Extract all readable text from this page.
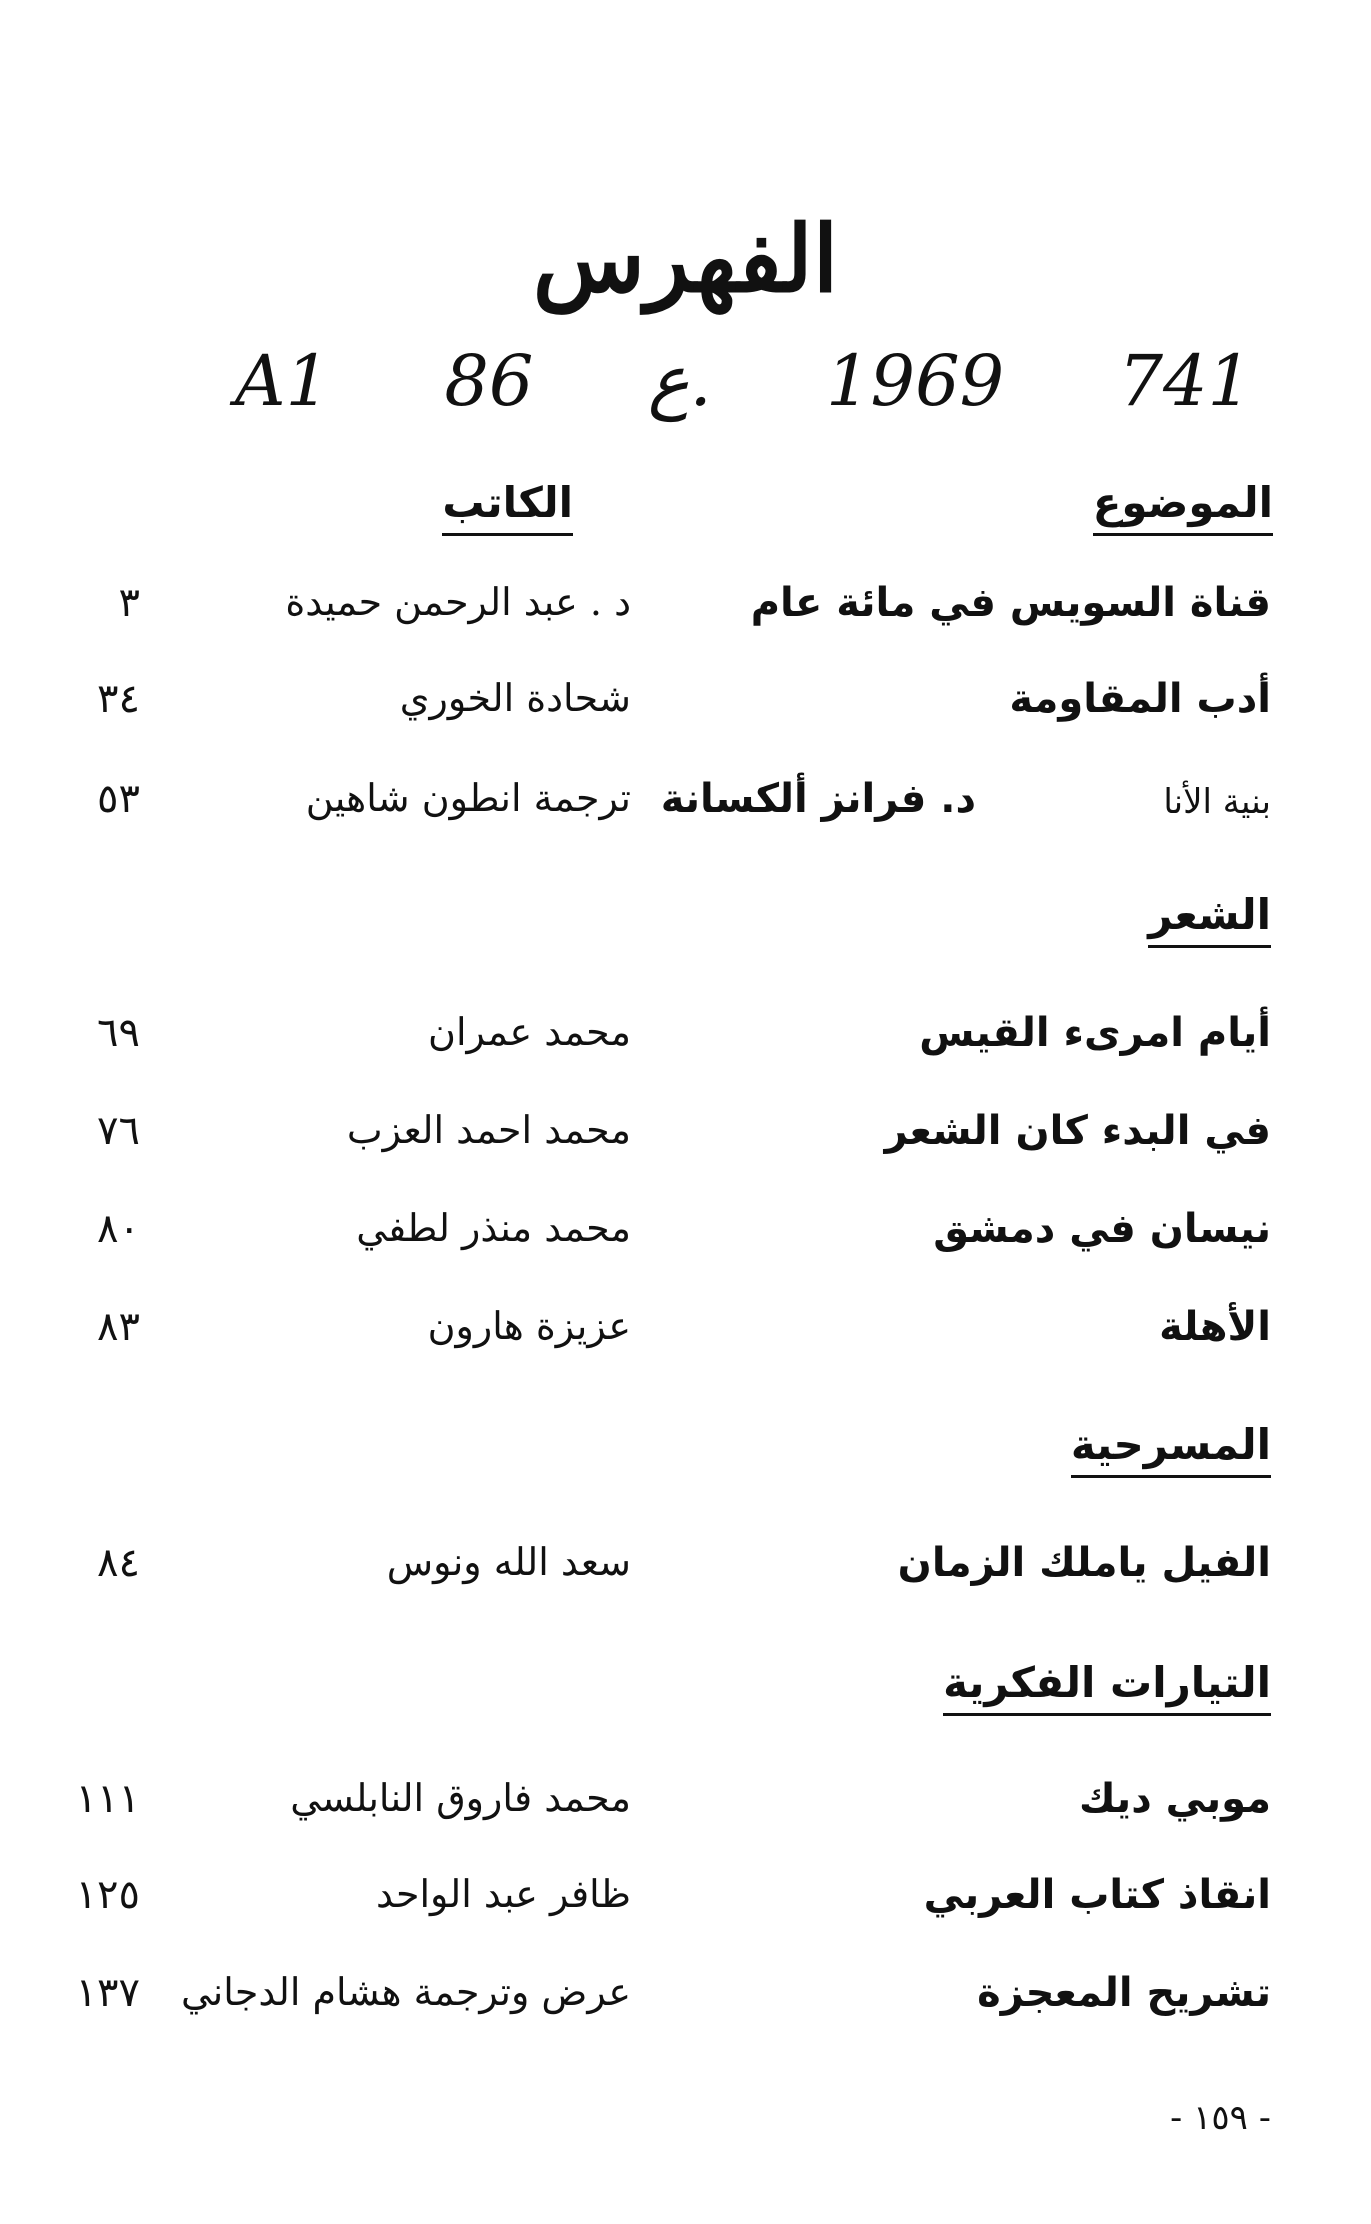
الفهرس
A1 86 ع. 1969 741
الموضوع
الكاتب
قناة السويس في مائة عام
د . عبد الرحمن حميدة
٣
أدب المقاومة
شحادة الخوري
٣٤
بنية الأنا
د. فرانز ألكسانة
ترجمة انطون شاهين
٥٣
الشعر
أيام امرىء القيس
محمد عمران
٦٩
في البدء كان الشعر
محمد احمد العزب
٧٦
نيسان في دمشق
محمد منذر لطفي
٨٠
الأهلة
عزيزة هارون
٨٣
المسرحية
الفيل ياملك الزمان
سعد الله ونوس
٨٤
التيارات الفكرية
موبي ديك
محمد فاروق النابلسي
١١١
انقاذ كتاب العربي
ظافر عبد الواحد
١٢٥
تشريح المعجزة
عرض وترجمة هشام الدجاني
١٣٧
- ١٥٩ -
